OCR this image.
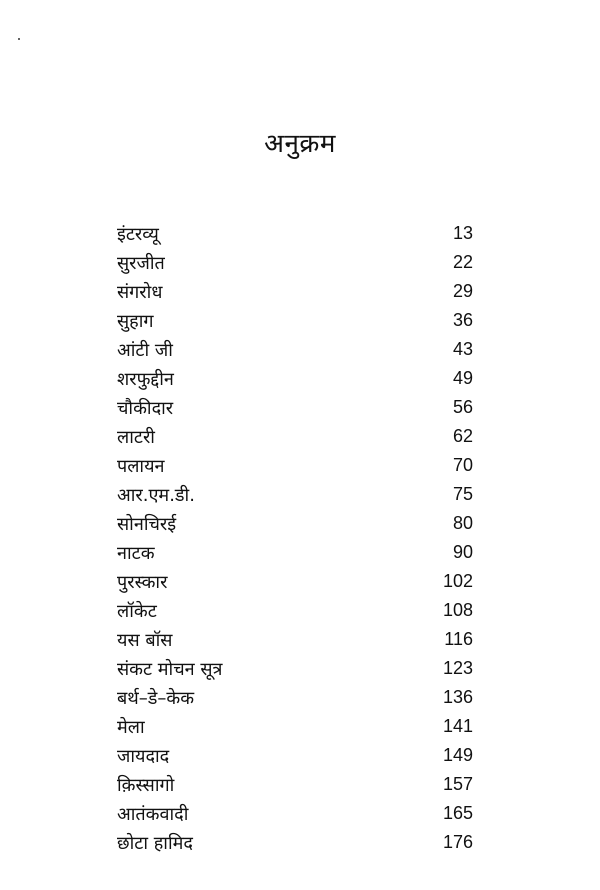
अनुक्रम
इंटरव्यू	13
सुरजीत	22
संगरोध	29
सुहाग	36
आंटी जी	43
शरफुद्दीन	49
चौकीदार	56
लाटरी	62
पलायन	70
आर.एम.डी.	75
सोनचिरई	80
नाटक	90
पुरस्कार	102
लॉकेट	108
यस बॉस	116
संकट मोचन सूत्र	123
बर्थ–डे–केक	136
मेला	141
जायदाद	149
क़िस्सागो	157
आतंकवादी	165
छोटा हामिद	176
